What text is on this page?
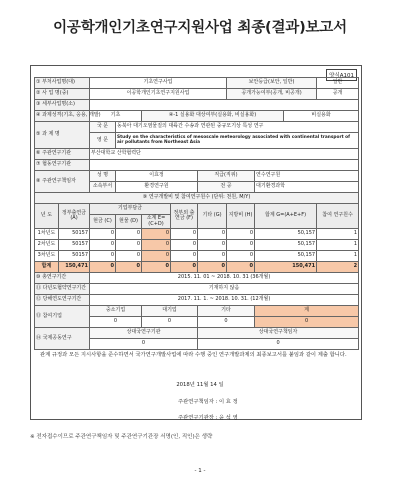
이공학개인기초연구지원사업 최종(결과)보고서
양식A101
① 부처사업명(대)		기초연구사업					보안등급(보안, 일반)			일반
② 사 업 명(중)		이공학개인기초연구지원사업					공개가능여부(공개, 비공개)			공개
③ 세부사업명(소)										
④ 과제성격(기초, 응용, 개발)		기초		④-1 실용화 대상여부(실용화, 비실용화)					비실용화	
⑤ 과 제 명		국 문	동북아 대기오염물질의 대륙간 수송과 연관된 중규모기상 특성 연구							
		영 문	Study on the characteristics of mesoscale meteorology associated with continental transport of air pollutants from Northeast Asia							
⑥ 주관연구기관		부산대학교 산학협력단								
⑦ 협동연구기관										
⑧ 주관연구책임자		성 명	이효정			직급(직위)		연수연구원		
		소속부서	환경연구원			전 공		대기환경과학		
⑨ 연구개발비 및 참여연구원수 (단위: 천원, M/Y)										
년 도	정부출연금 (A)	기업부담금			정부외 출연금 (F)	기타 (G)	지방비 (H)	합계 G=(A+E+F)		참여 연구원수
		현금 (C)	현물 (D)	소계 E=(C+D)						
1차년도	50157	0	0	0	0	0	0	50,157		1
2차년도	50157	0	0	0	0	0	0	50,157		1
3차년도	50157	0	0	0	0	0	0	50,157		1
합계	150,471	0	0	0	0	0	0	150,471		2
⑩ 총연구기간		2015. 11. 01 ~ 2018. 10. 31 (36개월)								
⑪ 다년도협약연구기간		기재하지 않음								
⑫ 당해연도연구기간		2017. 11. 1. ~ 2018. 10. 31. (12개월)								
⑬ 참여기업		중소기업		대기업		기타		계		
		0		0		0		0		
⑭ 국제공동연구		상대국연구기관				상대국연구책임자				
		0				0				
관계 규정과 모든 지시사항을 준수하면서 국가연구개발사업에 따라 수행 중인 연구개발과제의 최종보고서를 붙임과 같이 제출 합니다.
2018년 11월 14 일
주관연구책임자 : 이 효 정
주관연구기관장 : 윤 석 영
※ 전자접수이므로 주관연구책임자 및 주관연구기관장 서명(인, 직인)은 생략
- 1 -
